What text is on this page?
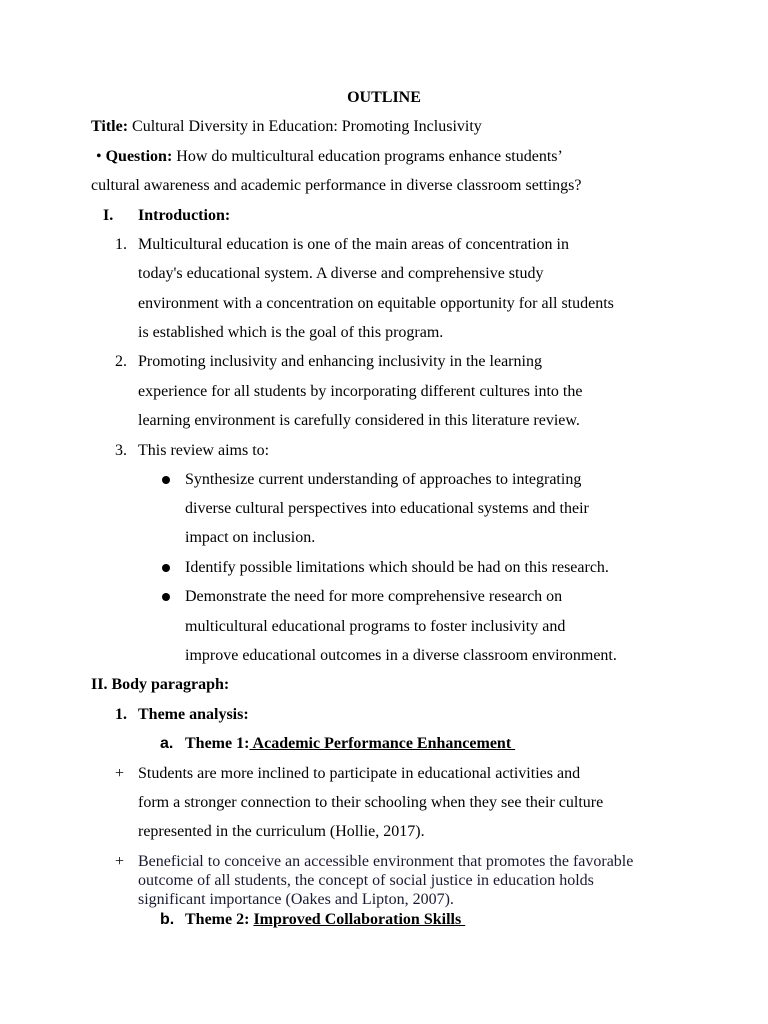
OUTLINE
Title: Cultural Diversity in Education: Promoting Inclusivity
• Question: How do multicultural education programs enhance students’
cultural awareness and academic performance in diverse classroom settings?
I. Introduction:
1. Multicultural education is one of the main areas of concentration in
today's educational system. A diverse and comprehensive study
environment with a concentration on equitable opportunity for all students
is established which is the goal of this program.
2. Promoting inclusivity and enhancing inclusivity in the learning
experience for all students by incorporating different cultures into the
learning environment is carefully considered in this literature review.
3. This review aims to:
Synthesize current understanding of approaches to integrating
diverse cultural perspectives into educational systems and their
impact on inclusion.
Identify possible limitations which should be had on this research.
Demonstrate the need for more comprehensive research on
multicultural educational programs to foster inclusivity and
improve educational outcomes in a diverse classroom environment.
II. Body paragraph:
1. Theme analysis:
a. Theme 1: Academic Performance Enhancement
+ Students are more inclined to participate in educational activities and
form a stronger connection to their schooling when they see their culture
represented in the curriculum (Hollie, 2017).
+ Beneficial to conceive an accessible environment that promotes the favorable outcome of all students, the concept of social justice in education holds significant importance (Oakes and Lipton, 2007).
b. Theme 2: Improved Collaboration Skills
